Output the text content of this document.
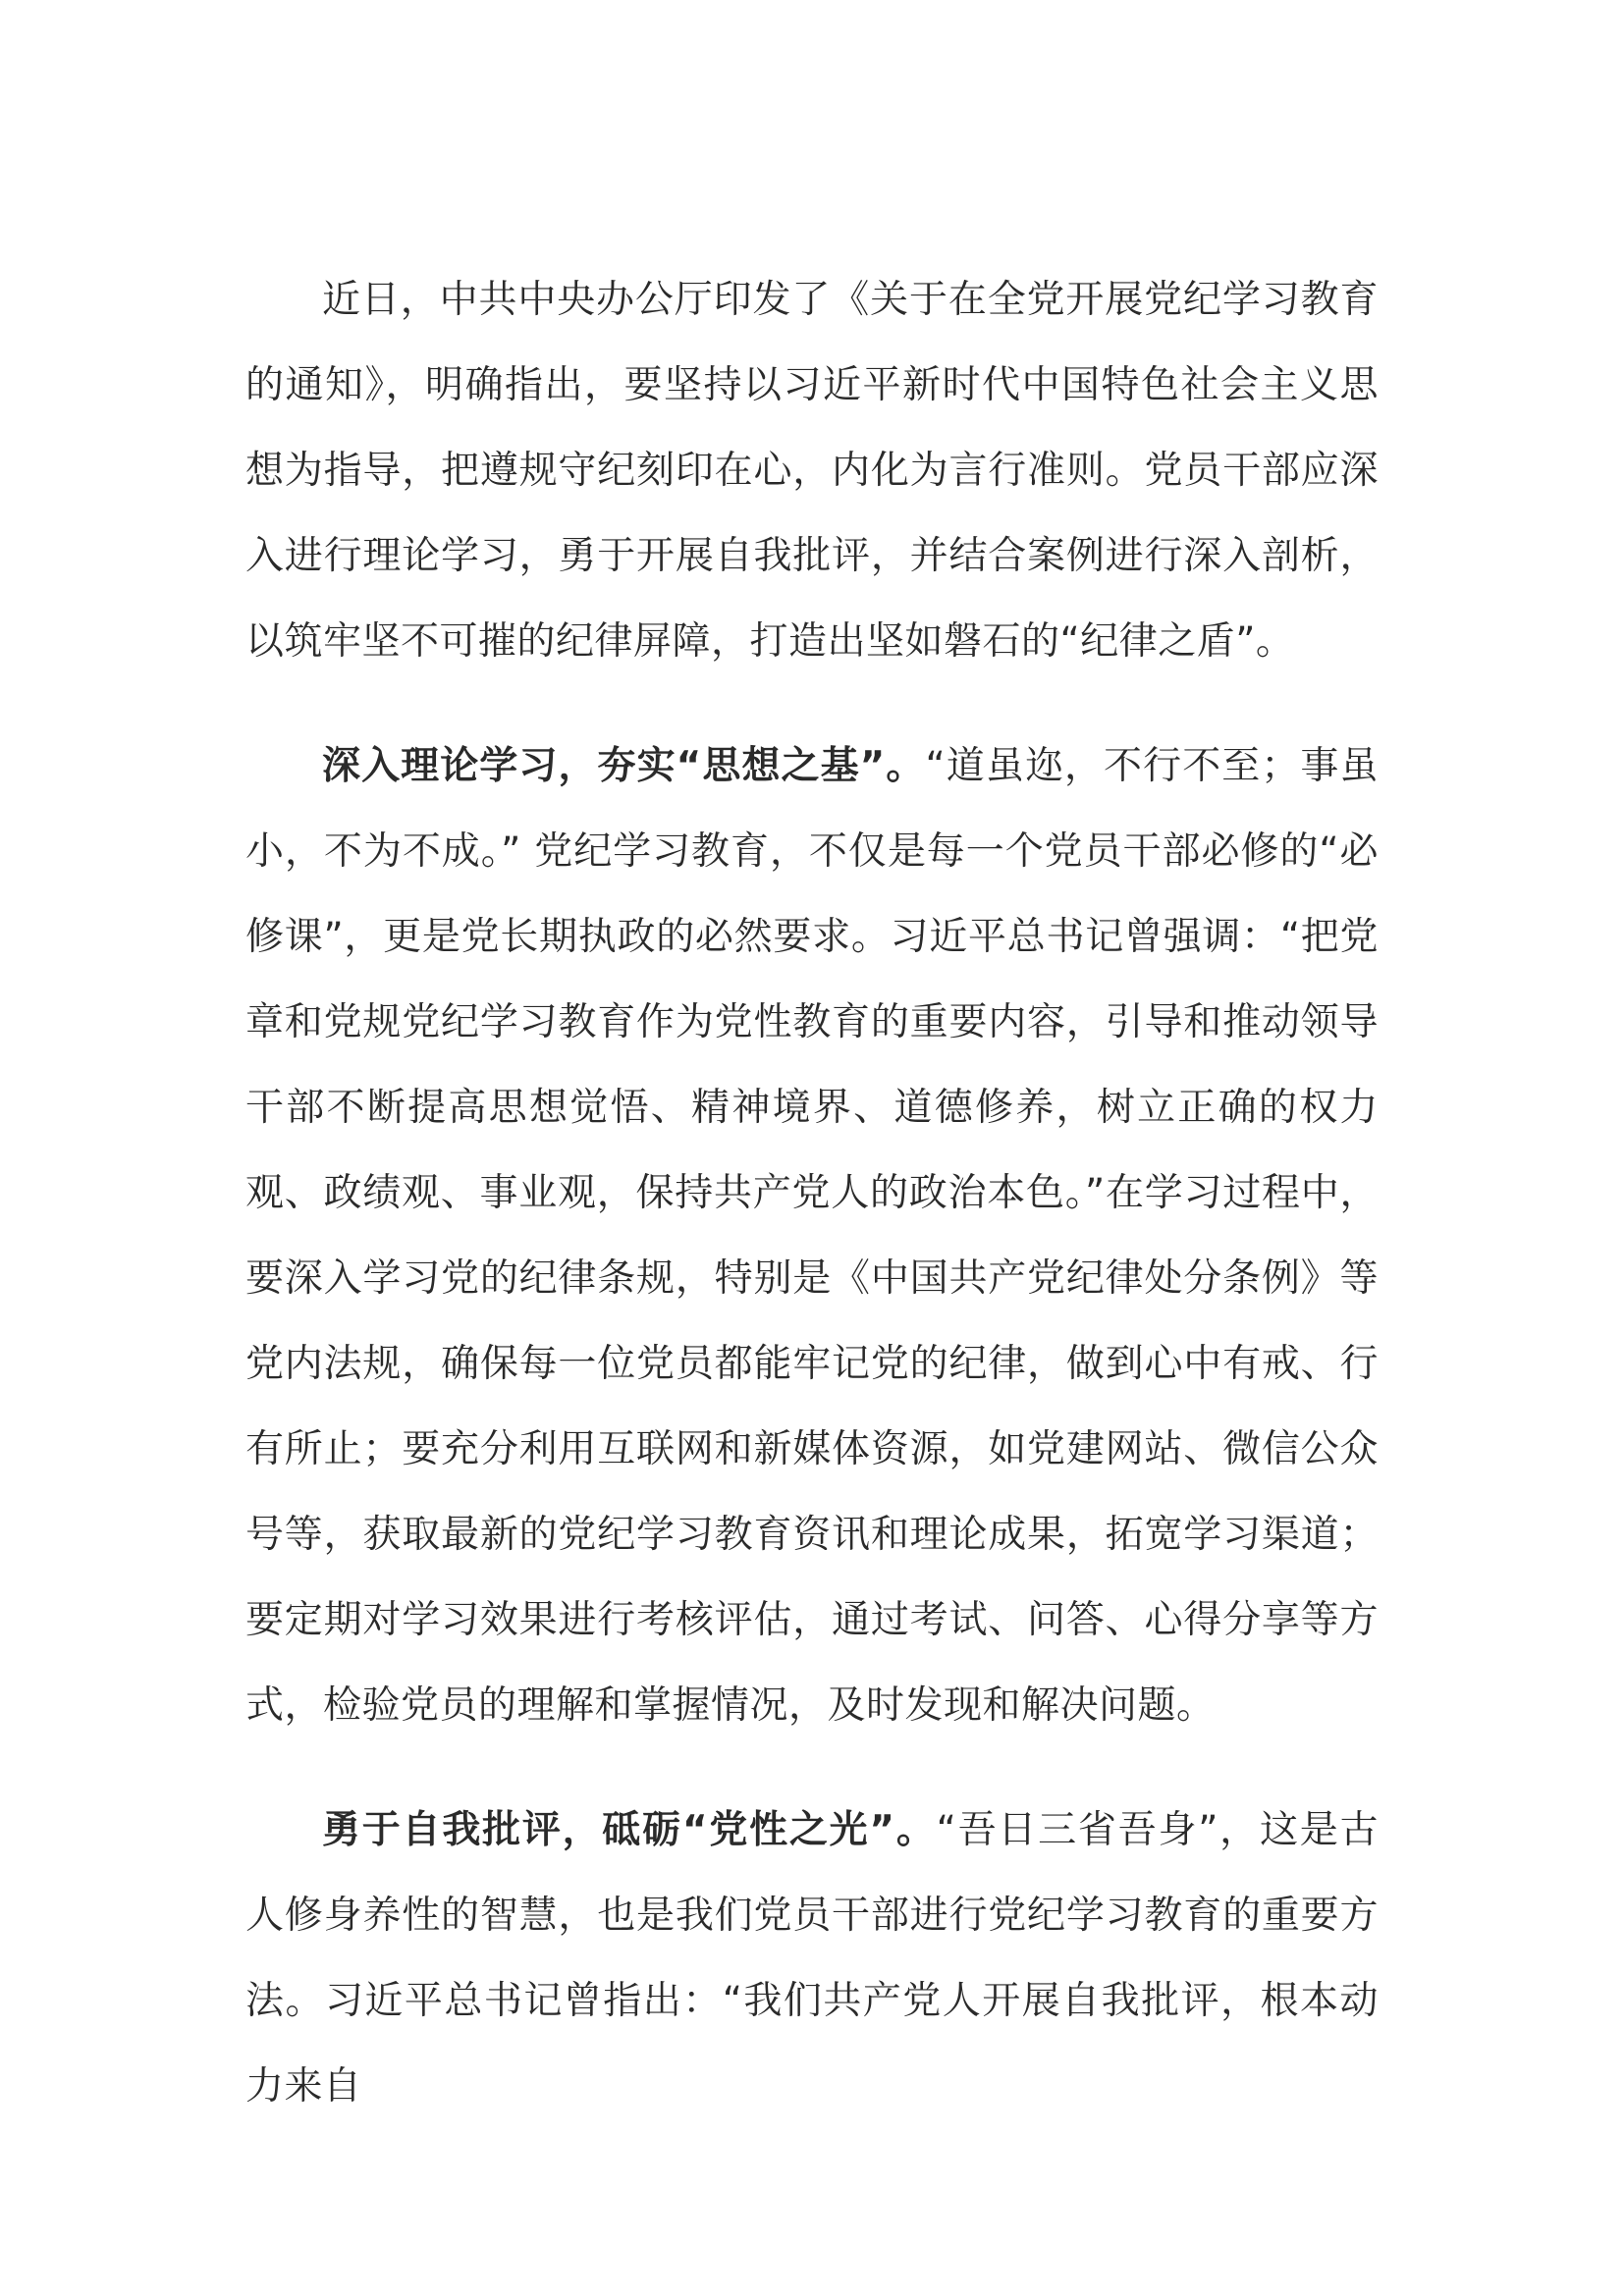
近日，中共中央办公厅印发了《关于在全党开展党纪学习教育的通知》，明确指出，要坚持以习近平新时代中国特色社会主义思想为指导，把遵规守纪刻印在心，内化为言行准则。党员干部应深入进行理论学习，勇于开展自我批评，并结合案例进行深入剖析，以筑牢坚不可摧的纪律屏障，打造出坚如磐石的“纪律之盾”。

深入理论学习，夯实“思想之基”。“道虽迩，不行不至；事虽小，不为不成。” 党纪学习教育，不仅是每一个党员干部必修的“必修课”，更是党长期执政的必然要求。习近平总书记曾强调：“把党章和党规党纪学习教育作为党性教育的重要内容，引导和推动领导干部不断提高思想觉悟、精神境界、道德修养，树立正确的权力观、政绩观、事业观，保持共产党人的政治本色。”在学习过程中，要深入学习党的纪律条规，特别是《中国共产党纪律处分条例》等党内法规，确保每一位党员都能牢记党的纪律，做到心中有戒、行有所止；要充分利用互联网和新媒体资源，如党建网站、微信公众号等，获取最新的党纪学习教育资讯和理论成果，拓宽学习渠道；要定期对学习效果进行考核评估，通过考试、问答、心得分享等方式，检验党员的理解和掌握情况，及时发现和解决问题。

勇于自我批评，砥砺“党性之光”。“吾日三省吾身”，这是古人修身养性的智慧，也是我们党员干部进行党纪学习教育的重要方法。习近平总书记曾指出：“我们共产党人开展自我批评，根本动力来自
